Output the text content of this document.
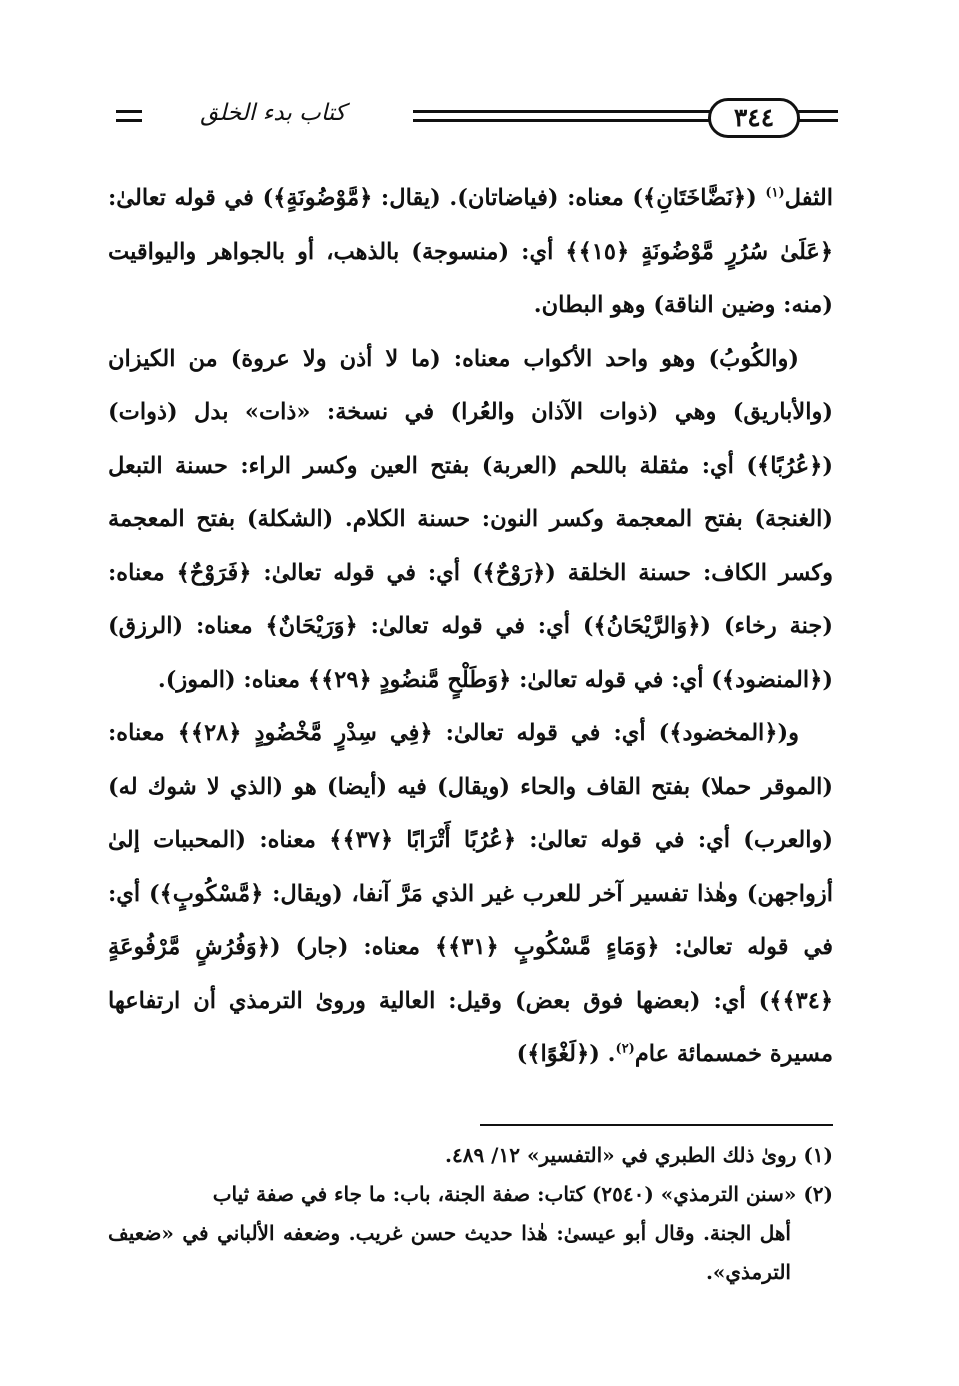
كتاب بدء الخلق	٣٤٤

الثفل$^{(١)}$ (﴿نَضَّاخَتَانِ﴾) معناه: (فياضاتان). (يقال: ﴿مَّوْضُونَةٍ﴾) في قوله تعالىٰ: ﴿عَلَىٰ سُرُرٍ مَّوْضُونَةٍ ﴿١٥﴾﴾ أي: (منسوجة) بالذهب، أو بالجواهر واليواقيت (منه: وضين الناقة) وهو البطان.

(والكُوبُ) وهو واحد الأكواب معناه: (ما لا أذن ولا عروة) من الكيزان (والأباريق) وهي (ذوات الآذان والعُرا) في نسخة: «ذات» بدل (ذوات) (﴿عُرُبًا﴾) أي: مثقلة باللحم (العربة) بفتح العين وكسر الراء: حسنة التبعل (الغنجة) بفتح المعجمة وكسر النون: حسنة الكلام. (الشكلة) بفتح المعجمة وكسر الكاف: حسنة الخلقة (﴿رَوْحٌ﴾) أي: في قوله تعالىٰ: ﴿فَرَوْحٌ﴾ معناه: (جنة رخاء) (﴿وَالرَّيْحَانُ﴾) أي: في قوله تعالىٰ: ﴿وَرَيْحَانٌ﴾ معناه: (الرزق) (﴿المنضود﴾) أي: في قوله تعالىٰ: ﴿وَطَلْحٍ مَّنضُودٍ ﴿٢٩﴾﴾ معناه: (الموز).

و(﴿المخضود﴾) أي: في قوله تعالىٰ: ﴿فِي سِدْرٍ مَّخْضُودٍ ﴿٢٨﴾﴾ معناه: (الموقر حملا) بفتح القاف والحاء (ويقال) فيه (أيضا) هو (الذي لا شوك له) (والعرب) أي: في قوله تعالىٰ: ﴿عُرُبًا أَتْرَابًا ﴿٣٧﴾﴾ معناه: (المحببات إلىٰ أزواجهن) وهٰذا تفسير آخر للعرب غير الذي مَرَّ آنفا، (ويقال: ﴿مَّسْكُوبٍ﴾) أي: في قوله تعالىٰ: ﴿وَمَاءٍ مَّسْكُوبٍ ﴿٣١﴾﴾ معناه: (جار) (﴿وَفُرُشٍ مَّرْفُوعَةٍ ﴿٣٤﴾﴾) أي: (بعضها فوق بعض) وقيل: العالية وروىٰ الترمذي أن ارتفاعها مسيرة خمسمائة عام$^{(٢)}$. (﴿لَغْوًا﴾)

(١) روىٰ ذلك الطبري في «التفسير» ١٢/ ٤٨٩.

(٢) «سنن الترمذي» (٢٥٤٠) كتاب: صفة الجنة، باب: ما جاء في صفة ثياب

أهل الجنة. وقال أبو عيسىٰ: هٰذا حديث حسن غريب. وضعفه الألباني في «ضعيف الترمذي».
